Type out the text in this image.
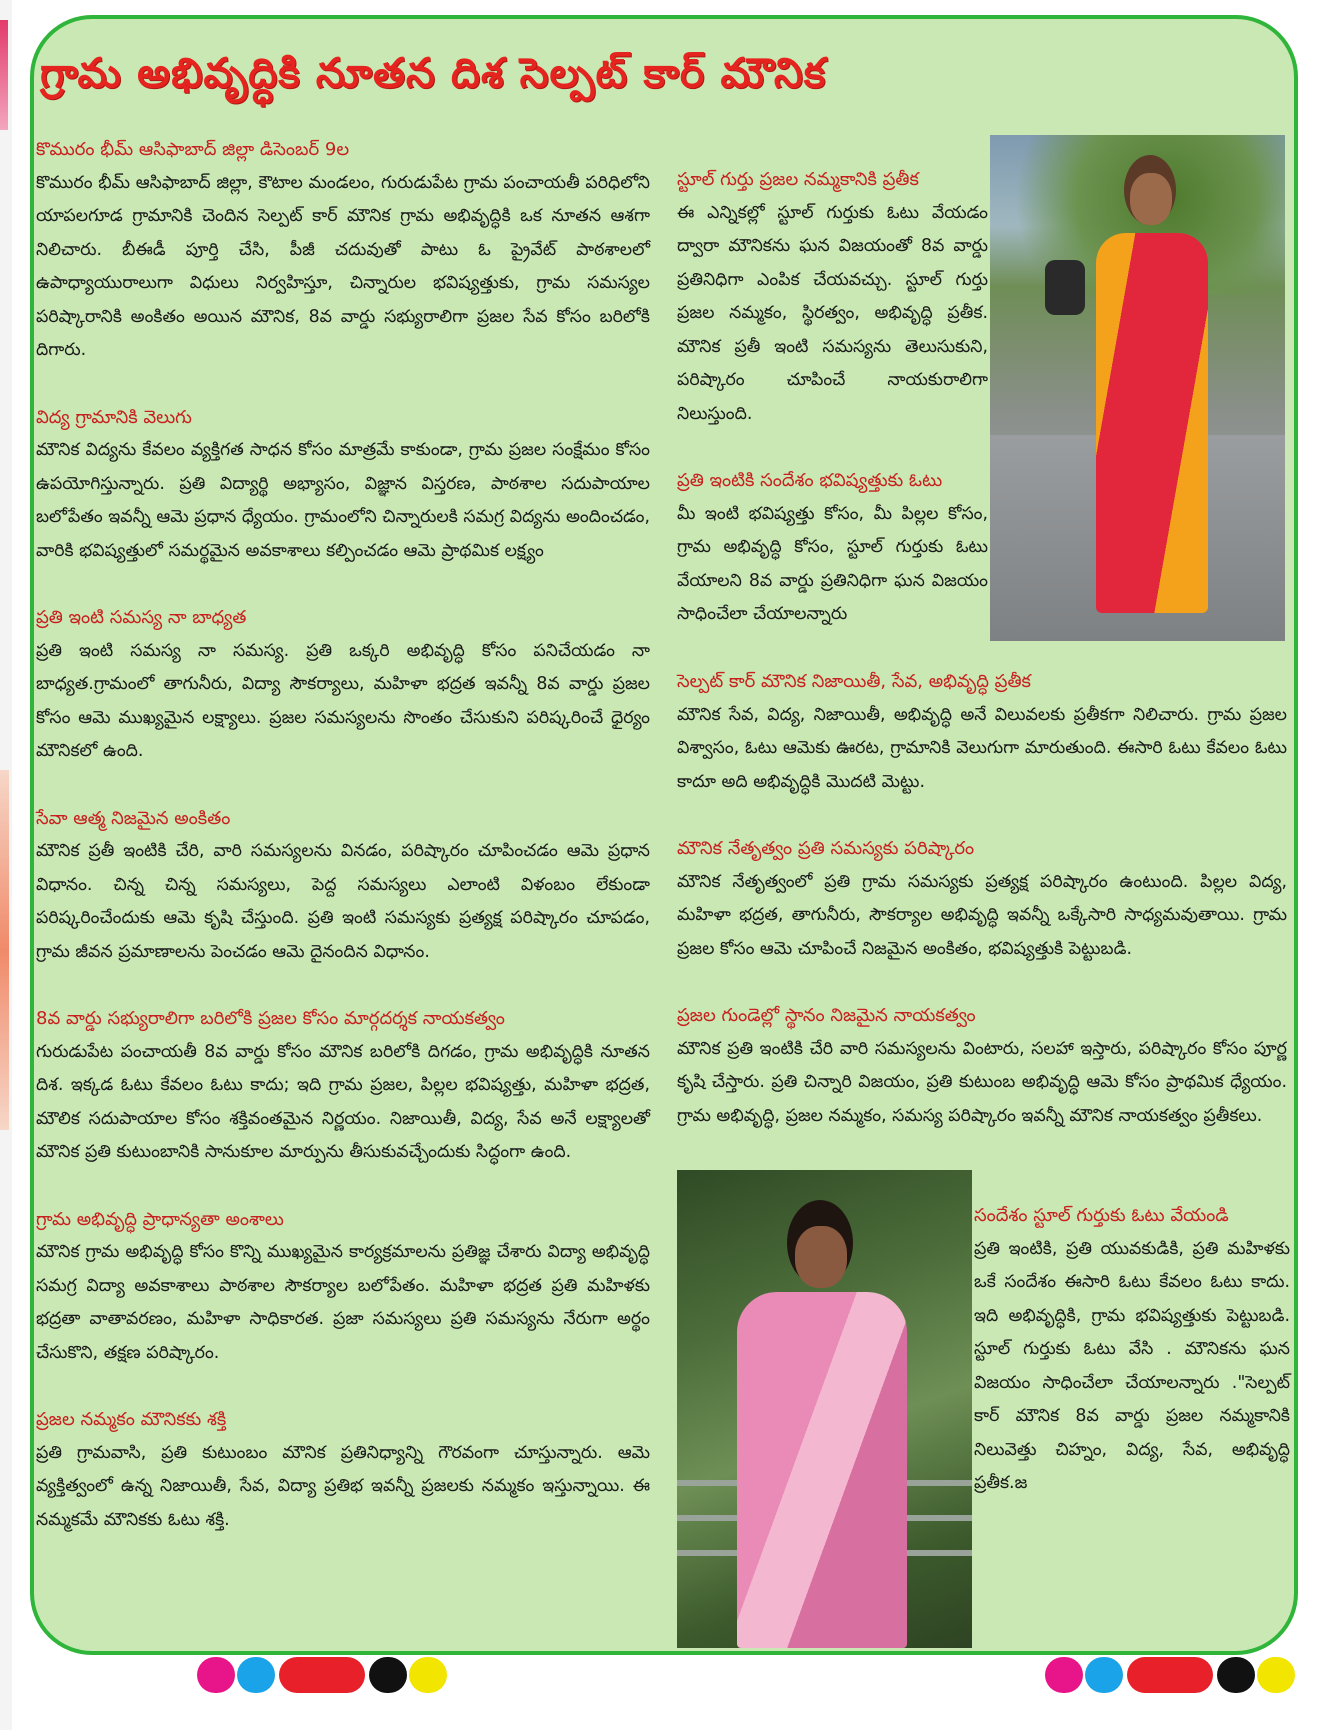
గ్రామ అభివృద్ధికి నూతన దిశ సెల్పట్ కార్ మౌనిక
కొమురం భీమ్ ఆసిఫాబాద్ జిల్లా డిసెంబర్ 9ల
కొమురం భీమ్ ఆసిఫాబాద్ జిల్లా, కౌటాల మండలం, గురుడుపేట గ్రామ పంచాయతీ పరిధిలోని యాపలగూడ గ్రామానికి చెందిన సెల్పట్ కార్ మౌనిక గ్రామ అభివృద్ధికి ఒక నూతన ఆశగా నిలిచారు. బీఈడీ పూర్తి చేసి, పీజీ చదువుతో పాటు ఓ ప్రైవేట్ పాఠశాలలో ఉపాధ్యాయురాలుగా విధులు నిర్వహిస్తూ, చిన్నారుల భవిష్యత్తుకు, గ్రామ సమస్యల పరిష్కారానికి అంకితం అయిన మౌనిక, 8వ వార్డు సభ్యురాలిగా ప్రజల సేవ కోసం బరిలోకి దిగారు.
విద్య గ్రామానికి వెలుగు
మౌనిక విద్యను కేవలం వ్యక్తిగత సాధన కోసం మాత్రమే కాకుండా, గ్రామ ప్రజల సంక్షేమం కోసం ఉపయోగిస్తున్నారు. ప్రతి విద్యార్థి అభ్యాసం, విజ్ఞాన విస్తరణ, పాఠశాల సదుపాయాల బలోపేతం ఇవన్నీ ఆమె ప్రధాన ధ్యేయం. గ్రామంలోని చిన్నారులకి సమగ్ర విద్యను అందించడం, వారికి భవిష్యత్తులో సమర్థమైన అవకాశాలు కల్పించడం ఆమె ప్రాథమిక లక్ష్యం
ప్రతి ఇంటి సమస్య నా బాధ్యత
ప్రతి ఇంటి సమస్య నా సమస్య. ప్రతి ఒక్కరి అభివృద్ధి కోసం పనిచేయడం నా బాధ్యత.గ్రామంలో తాగునీరు, విద్యా సౌకర్యాలు, మహిళా భద్రత ఇవన్నీ 8వ వార్డు ప్రజల కోసం ఆమె ముఖ్యమైన లక్ష్యాలు. ప్రజల సమస్యలను సొంతం చేసుకుని పరిష్కరించే ధైర్యం మౌనికలో ఉంది.
సేవా ఆత్మ నిజమైన అంకితం
మౌనిక ప్రతీ ఇంటికి చేరి, వారి సమస్యలను వినడం, పరిష్కారం చూపించడం ఆమె ప్రధాన విధానం. చిన్న చిన్న సమస్యలు, పెద్ద సమస్యలు ఎలాంటి విళంబం లేకుండా పరిష్కరించేందుకు ఆమె కృషి చేస్తుంది. ప్రతి ఇంటి సమస్యకు ప్రత్యక్ష పరిష్కారం చూపడం, గ్రామ జీవన ప్రమాణాలను పెంచడం ఆమె దైనందిన విధానం.
8వ వార్డు సభ్యురాలిగా బరిలోకి ప్రజల కోసం మార్గదర్శక నాయకత్వం
గురుడుపేట పంచాయతీ 8వ వార్డు కోసం మౌనిక బరిలోకి దిగడం, గ్రామ అభివృద్ధికి నూతన దిశ. ఇక్కడ ఓటు కేవలం ఓటు కాదు; ఇది గ్రామ ప్రజల, పిల్లల భవిష్యత్తు, మహిళా భద్రత, మౌలిక సదుపాయాల కోసం శక్తివంతమైన నిర్ణయం. నిజాయితీ, విద్య, సేవ అనే లక్ష్యాలతో మౌనిక ప్రతి కుటుంబానికి సానుకూల మార్పును తీసుకువచ్చేందుకు సిద్ధంగా ఉంది.
గ్రామ అభివృద్ధి ప్రాధాన్యతా అంశాలు
మౌనిక గ్రామ అభివృద్ధి కోసం కొన్ని ముఖ్యమైన కార్యక్రమాలను ప్రతిజ్ఞ చేశారు విద్యా అభివృద్ధి సమగ్ర విద్యా అవకాశాలు పాఠశాల సౌకర్యాల బలోపేతం. మహిళా భద్రత ప్రతి మహిళకు భద్రతా వాతావరణం, మహిళా సాధికారత. ప్రజా సమస్యలు ప్రతి సమస్యను నేరుగా అర్థం చేసుకొని, తక్షణ పరిష్కారం.
ప్రజల నమ్మకం మౌనికకు శక్తి
ప్రతి గ్రామవాసి, ప్రతి కుటుంబం మౌనిక ప్రతినిధ్యాన్ని గౌరవంగా చూస్తున్నారు. ఆమె వ్యక్తిత్వంలో ఉన్న నిజాయితీ, సేవ, విద్యా ప్రతిభ ఇవన్నీ ప్రజలకు నమ్మకం ఇస్తున్నాయి. ఈ నమ్మకమే మౌనికకు ఓటు శక్తి.
స్టూల్ గుర్తు ప్రజల నమ్మకానికి ప్రతీక
ఈ ఎన్నికల్లో స్టూల్ గుర్తుకు ఓటు వేయడం ద్వారా మౌనికను ఘన విజయంతో 8వ వార్డు ప్రతినిధిగా ఎంపిక చేయవచ్చు. స్టూల్ గుర్తు ప్రజల నమ్మకం, స్థిరత్వం, అభివృద్ధి ప్రతీక. మౌనిక ప్రతీ ఇంటి సమస్యను తెలుసుకుని, పరిష్కారం చూపించే నాయకురాలిగా నిలుస్తుంది.
ప్రతి ఇంటికి సందేశం భవిష్యత్తుకు ఓటు
మీ ఇంటి భవిష్యత్తు కోసం, మీ పిల్లల కోసం, గ్రామ అభివృద్ధి కోసం, స్టూల్ గుర్తుకు ఓటు వేయాలని 8వ వార్డు ప్రతినిధిగా ఘన విజయం సాధించేలా చేయాలన్నారు
సెల్పట్ కార్ మౌనిక నిజాయితీ, సేవ, అభివృద్ధి ప్రతీక
మౌనిక సేవ, విద్య, నిజాయితీ, అభివృద్ధి అనే విలువలకు ప్రతీకగా నిలిచారు. గ్రామ ప్రజల విశ్వాసం, ఓటు ఆమెకు ఊరట, గ్రామానికి వెలుగుగా మారుతుంది. ఈసారి ఓటు కేవలం ఓటు కాదూ అది అభివృద్ధికి మొదటి మెట్టు.
మౌనిక నేతృత్వం ప్రతి సమస్యకు పరిష్కారం
మౌనిక నేతృత్వంలో ప్రతి గ్రామ సమస్యకు ప్రత్యక్ష పరిష్కారం ఉంటుంది. పిల్లల విద్య, మహిళా భద్రత, తాగునీరు, సౌకర్యాల అభివృద్ధి ఇవన్నీ ఒక్కేసారి సాధ్యమవుతాయి. గ్రామ ప్రజల కోసం ఆమె చూపించే నిజమైన అంకితం, భవిష్యత్తుకి పెట్టుబడి.
ప్రజల గుండెల్లో స్థానం నిజమైన నాయకత్వం
మౌనిక ప్రతి ఇంటికి చేరి వారి సమస్యలను వింటారు, సలహా ఇస్తారు, పరిష్కారం కోసం పూర్ణ కృషి చేస్తారు. ప్రతి చిన్నారి విజయం, ప్రతి కుటుంబ అభివృద్ధి ఆమె కోసం ప్రాథమిక ధ్యేయం. గ్రామ అభివృద్ధి, ప్రజల నమ్మకం, సమస్య పరిష్కారం ఇవన్నీ మౌనిక నాయకత్వం ప్రతీకలు.
సందేశం స్టూల్ గుర్తుకు ఓటు వేయండి
ప్రతి ఇంటికి, ప్రతి యువకుడికి, ప్రతి మహిళకు ఒకే సందేశం ఈసారి ఓటు కేవలం ఓటు కాదు. ఇది అభివృద్ధికి, గ్రామ భవిష్యత్తుకు పెట్టుబడి. స్టూల్ గుర్తుకు ఓటు వేసి . మౌనికను ఘన విజయం సాధించేలా చేయాలన్నారు ."సెల్పట్ కార్ మౌనిక 8వ వార్డు ప్రజల నమ్మకానికి నిలువెత్తు చిహ్నం, విద్య, సేవ, అభివృద్ధి ప్రతీక.జ
